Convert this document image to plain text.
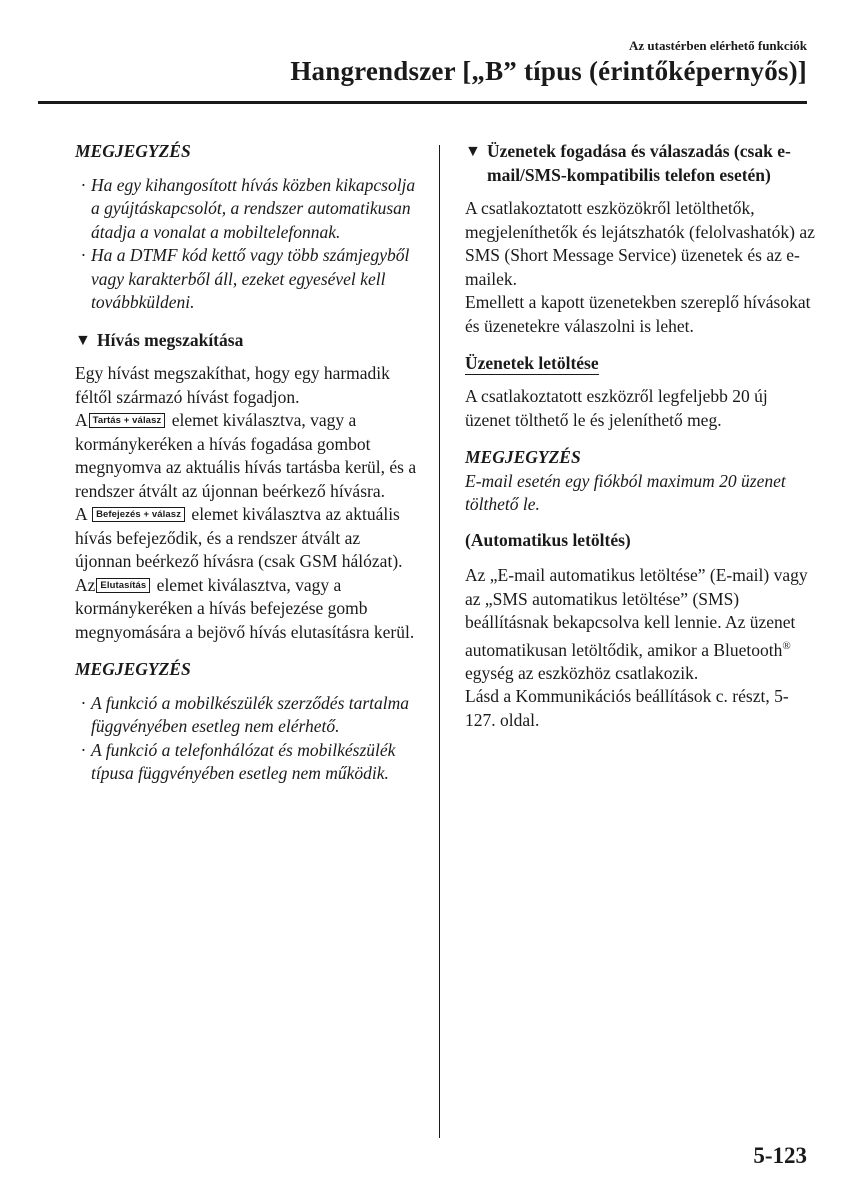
Az utastérben elérhető funkciók
Hangrendszer [„B” típus (érintőképernyős)]
MEGJEGYZÉS
· Ha egy kihangosított hívás közben kikapcsolja a gyújtáskapcsolót, a rendszer automatikusan átadja a vonalat a mobiltelefonnak.
· Ha a DTMF kód kettő vagy több számjegyből vagy karakterből áll, ezeket egyesével kell továbbküldeni.
▼ Hívás megszakítása

Egy hívást megszakíthat, hogy egy harmadik féltől származó hívást fogadjon.

A Tartás + válasz elemet kiválasztva, vagy a kormánykeréken a hívás fogadása gombot megnyomva az aktuális hívás tartásba kerül, és a rendszer átvált az újonnan beérkező hívásra.

A Befejezés + válasz elemet kiválasztva az aktuális hívás befejeződik, és a rendszer átvált az újonnan beérkező hívásra (csak GSM hálózat).

Az Elutasítás elemet kiválasztva, vagy a kormánykeréken a hívás befejezése gomb megnyomására a bejövő hívás elutasításra kerül.

MEGJEGYZÉS
· A funkció a mobilkészülék szerződés tartalma függvényében esetleg nem elérhető.
· A funkció a telefonhálózat és mobilkészülék típusa függvényében esetleg nem működik.
▼ Üzenetek fogadása és válaszadás (csak e-mail/SMS-kompatibilis telefon esetén)

A csatlakoztatott eszközökről letölthetők, megjeleníthetők és lejátszhatók (felolvashatók) az SMS (Short Message Service) üzenetek és az e-mailek.

Emellett a kapott üzenetekben szereplő hívásokat és üzenetekre válaszolni is lehet.

Üzenetek letöltése

A csatlakoztatott eszközről legfeljebb 20 új üzenet tölthető le és jeleníthető meg.

MEGJEGYZÉS

E-mail esetén egy fiókból maximum 20 üzenet tölthető le.

(Automatikus letöltés)

Az „E-mail automatikus letöltése” (E-mail) vagy az „SMS automatikus letöltése” (SMS) beállításnak bekapcsolva kell lennie. Az üzenet automatikusan letöltődik, amikor a Bluetooth® egység az eszközhöz csatlakozik.

Lásd a Kommunikációs beállítások c. részt, 5-127. oldal.

5-123
